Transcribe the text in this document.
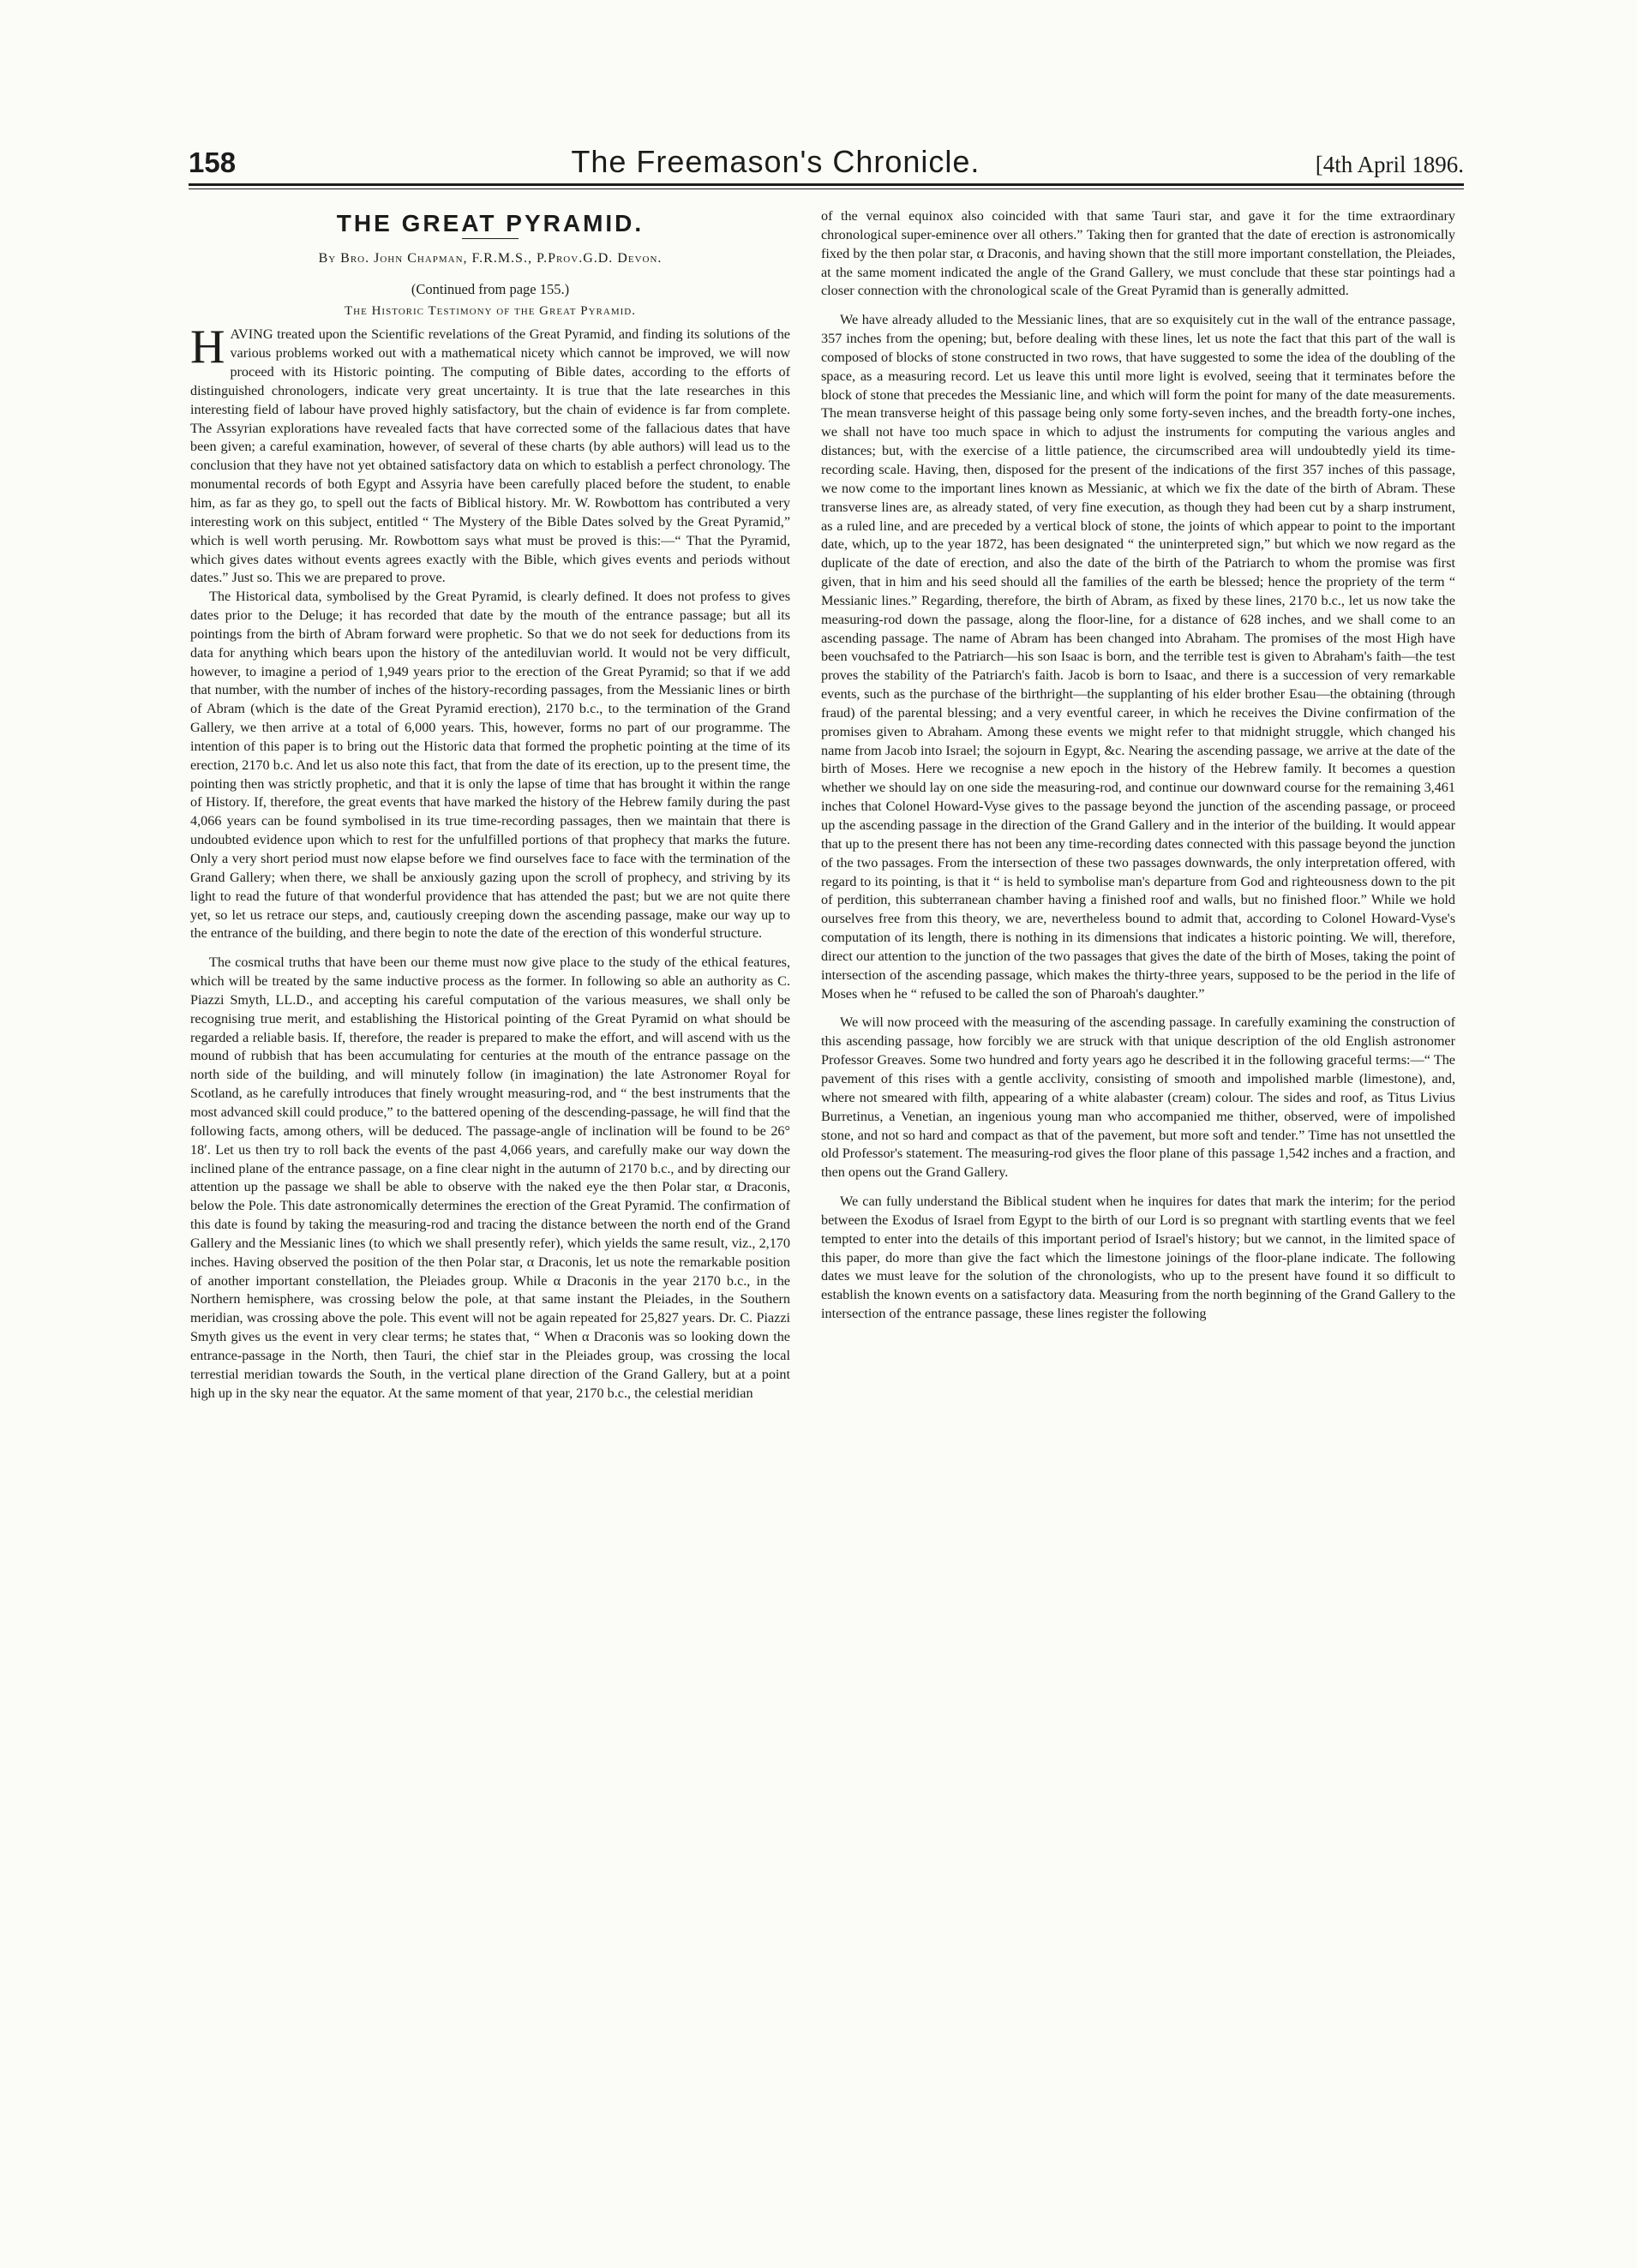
158	The Freemason's Chronicle.	[4th April 1896.
THE GREAT PYRAMID.
By Bro. John Chapman, F.R.M.S., P.Prov.G.D. Devon.
(Continued from page 155.)
The Historic Testimony of the Great Pyramid.

HAVING treated upon the Scientific revelations of the Great Pyramid, and finding its solutions of the various problems worked out with a mathematical nicety which cannot be improved, we will now proceed with its Historic pointing. The computing of Bible dates, according to the efforts of distinguished chronologers, indicate very great uncertainty. It is true that the late researches in this interesting field of labour have proved highly satisfactory, but the chain of evidence is far from complete. The Assyrian explorations have revealed facts that have corrected some of the fallacious dates that have been given; a careful examination, however, of several of these charts (by able authors) will lead us to the conclusion that they have not yet obtained satisfactory data on which to establish a perfect chronology. The monumental records of both Egypt and Assyria have been carefully placed before the student, to enable him, as far as they go, to spell out the facts of Biblical history. Mr. W. Rowbottom has contributed a very interesting work on this subject, entitled “ The Mystery of the Bible Dates solved by the Great Pyramid,” which is well worth perusing. Mr. Rowbottom says what must be proved is this:—“ That the Pyramid, which gives dates without events agrees exactly with the Bible, which gives events and periods without dates.” Just so. This we are prepared to prove.

The Historical data, symbolised by the Great Pyramid, is clearly defined. It does not profess to gives dates prior to the Deluge; it has recorded that date by the mouth of the entrance passage; but all its pointings from the birth of Abram forward were prophetic. So that we do not seek for deductions from its data for anything which bears upon the history of the antediluvian world. It would not be very difficult, however, to imagine a period of 1,949 years prior to the erection of the Great Pyramid; so that if we add that number, with the number of inches of the history-recording passages, from the Messianic lines or birth of Abram (which is the date of the Great Pyramid erection), 2170 b.c., to the termination of the Grand Gallery, we then arrive at a total of 6,000 years. This, however, forms no part of our programme. The intention of this paper is to bring out the Historic data that formed the prophetic pointing at the time of its erection, 2170 b.c. And let us also note this fact, that from the date of its erection, up to the present time, the pointing then was strictly prophetic, and that it is only the lapse of time that has brought it within the range of History. If, therefore, the great events that have marked the history of the Hebrew family during the past 4,066 years can be found symbolised in its true time-recording passages, then we maintain that there is undoubted evidence upon which to rest for the unfulfilled portions of that prophecy that marks the future. Only a very short period must now elapse before we find ourselves face to face with the termination of the Grand Gallery; when there, we shall be anxiously gazing upon the scroll of prophecy, and striving by its light to read the future of that wonderful providence that has attended the past; but we are not quite there yet, so let us retrace our steps, and, cautiously creeping down the ascending passage, make our way up to the entrance of the building, and there begin to note the date of the erection of this wonderful structure.

The cosmical truths that have been our theme must now give place to the study of the ethical features, which will be treated by the same inductive process as the former. In following so able an authority as C. Piazzi Smyth, LL.D., and accepting his careful computation of the various measures, we shall only be recognising true merit, and establishing the Historical pointing of the Great Pyramid on what should be regarded a reliable basis. If, therefore, the reader is prepared to make the effort, and will ascend with us the mound of rubbish that has been accumulating for centuries at the mouth of the entrance passage on the north side of the building, and will minutely follow (in imagination) the late Astronomer Royal for Scotland, as he carefully introduces that finely wrought measuring-rod, and “ the best instruments that the most advanced skill could produce,” to the battered opening of the descending-passage, he will find that the following facts, among others, will be deduced. The passage-angle of inclination will be found to be 26° 18′. Let us then try to roll back the events of the past 4,066 years, and carefully make our way down the inclined plane of the entrance passage, on a fine clear night in the autumn of 2170 b.c., and by directing our attention up the passage we shall be able to observe with the naked eye the then Polar star, α Draconis, below the Pole. This date astronomically determines the erection of the Great Pyramid. The confirmation of this date is found by taking the measuring-rod and tracing the distance between the north end of the Grand Gallery and the Messianic lines (to which we shall presently refer), which yields the same result, viz., 2,170 inches. Having observed the position of the then Polar star, α Draconis, let us note the remarkable position of another important constellation, the Pleiades group. While α Draconis in the year 2170 b.c., in the Northern hemisphere, was crossing below the pole, at that same instant the Pleiades, in the Southern meridian, was crossing above the pole. This event will not be again repeated for 25,827 years. Dr. C. Piazzi Smyth gives us the event in very clear terms; he states that, “ When α Draconis was so looking down the entrance-passage in the North, then Tauri, the chief star in the Pleiades group, was crossing the local terrestial meridian towards the South, in the vertical plane direction of the Grand Gallery, but at a point high up in the sky near the equator. At the same moment of that year, 2170 b.c., the celestial meridian

of the vernal equinox also coincided with that same Tauri star, and gave it for the time extraordinary chronological super-eminence over all others.” Taking then for granted that the date of erection is astronomically fixed by the then polar star, α Draconis, and having shown that the still more important constellation, the Pleiades, at the same moment indicated the angle of the Grand Gallery, we must conclude that these star pointings had a closer connection with the chronological scale of the Great Pyramid than is generally admitted.

We have already alluded to the Messianic lines, that are so exquisitely cut in the wall of the entrance passage, 357 inches from the opening; but, before dealing with these lines, let us note the fact that this part of the wall is composed of blocks of stone constructed in two rows, that have suggested to some the idea of the doubling of the space, as a measuring record. Let us leave this until more light is evolved, seeing that it terminates before the block of stone that precedes the Messianic line, and which will form the point for many of the date measurements. The mean transverse height of this passage being only some forty-seven inches, and the breadth forty-one inches, we shall not have too much space in which to adjust the instruments for computing the various angles and distances; but, with the exercise of a little patience, the circumscribed area will undoubtedly yield its time-recording scale. Having, then, disposed for the present of the indications of the first 357 inches of this passage, we now come to the important lines known as Messianic, at which we fix the date of the birth of Abram. These transverse lines are, as already stated, of very fine execution, as though they had been cut by a sharp instrument, as a ruled line, and are preceded by a vertical block of stone, the joints of which appear to point to the important date, which, up to the year 1872, has been designated “ the uninterpreted sign,” but which we now regard as the duplicate of the date of erection, and also the date of the birth of the Patriarch to whom the promise was first given, that in him and his seed should all the families of the earth be blessed; hence the propriety of the term “ Messianic lines.” Regarding, therefore, the birth of Abram, as fixed by these lines, 2170 b.c., let us now take the measuring-rod down the passage, along the floor-line, for a distance of 628 inches, and we shall come to an ascending passage. The name of Abram has been changed into Abraham. The promises of the most High have been vouchsafed to the Patriarch—his son Isaac is born, and the terrible test is given to Abraham's faith—the test proves the stability of the Patriarch's faith. Jacob is born to Isaac, and there is a succession of very remarkable events, such as the purchase of the birthright—the supplanting of his elder brother Esau—the obtaining (through fraud) of the parental blessing; and a very eventful career, in which he receives the Divine confirmation of the promises given to Abraham. Among these events we might refer to that midnight struggle, which changed his name from Jacob into Israel; the sojourn in Egypt, &c. Nearing the ascending passage, we arrive at the date of the birth of Moses. Here we recognise a new epoch in the history of the Hebrew family. It becomes a question whether we should lay on one side the measuring-rod, and continue our downward course for the remaining 3,461 inches that Colonel Howard-Vyse gives to the passage beyond the junction of the ascending passage, or proceed up the ascending passage in the direction of the Grand Gallery and in the interior of the building. It would appear that up to the present there has not been any time-recording dates connected with this passage beyond the junction of the two passages. From the intersection of these two passages downwards, the only interpretation offered, with regard to its pointing, is that it “ is held to symbolise man's departure from God and righteousness down to the pit of perdition, this subterranean chamber having a finished roof and walls, but no finished floor.” While we hold ourselves free from this theory, we are, nevertheless bound to admit that, according to Colonel Howard-Vyse's computation of its length, there is nothing in its dimensions that indicates a historic pointing. We will, therefore, direct our attention to the junction of the two passages that gives the date of the birth of Moses, taking the point of intersection of the ascending passage, which makes the thirty-three years, supposed to be the period in the life of Moses when he “ refused to be called the son of Pharoah's daughter.”

We will now proceed with the measuring of the ascending passage. In carefully examining the construction of this ascending passage, how forcibly we are struck with that unique description of the old English astronomer Professor Greaves. Some two hundred and forty years ago he described it in the following graceful terms:—“ The pavement of this rises with a gentle acclivity, consisting of smooth and impolished marble (limestone), and, where not smeared with filth, appearing of a white alabaster (cream) colour. The sides and roof, as Titus Livius Burretinus, a Venetian, an ingenious young man who accompanied me thither, observed, were of impolished stone, and not so hard and compact as that of the pavement, but more soft and tender.” Time has not unsettled the old Professor's statement. The measuring-rod gives the floor plane of this passage 1,542 inches and a fraction, and then opens out the Grand Gallery.

We can fully understand the Biblical student when he inquires for dates that mark the interim; for the period between the Exodus of Israel from Egypt to the birth of our Lord is so pregnant with startling events that we feel tempted to enter into the details of this important period of Israel's history; but we cannot, in the limited space of this paper, do more than give the fact which the limestone joinings of the floor-plane indicate. The following dates we must leave for the solution of the chronologists, who up to the present have found it so difficult to establish the known events on a satisfactory data. Measuring from the north beginning of the Grand Gallery to the intersection of the entrance passage, these lines register the following
